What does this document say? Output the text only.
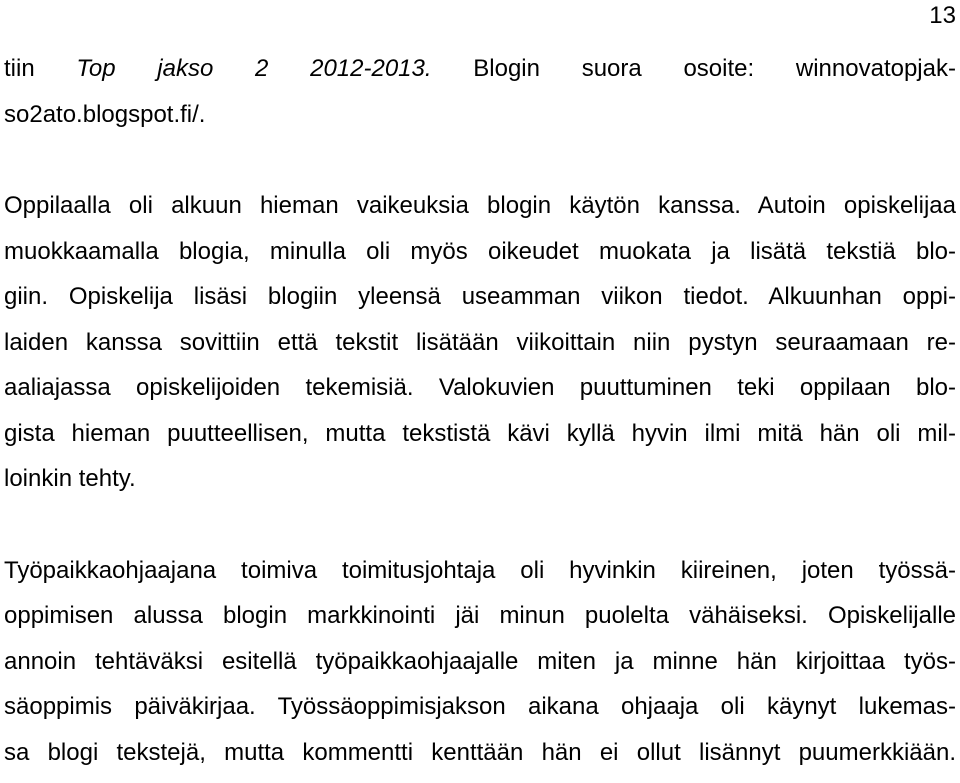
13
tiin Top jakso 2 2012-2013. Blogin suora osoite: winnovatopjak-
so2ato.blogspot.fi/.
Oppilaalla oli alkuun hieman vaikeuksia blogin käytön kanssa. Autoin opiskelijaa
muokkaamalla blogia, minulla oli myös oikeudet muokata ja lisätä tekstiä blo-
giin. Opiskelija lisäsi blogiin yleensä useamman viikon tiedot. Alkuunhan oppi-
laiden kanssa sovittiin että tekstit lisätään viikoittain niin pystyn seuraamaan re-
aaliajassa opiskelijoiden tekemisiä. Valokuvien puuttuminen teki oppilaan blo-
gista hieman puutteellisen, mutta tekstistä kävi kyllä hyvin ilmi mitä hän oli mil-
loinkin tehty.
Työpaikkaohjaajana toimiva toimitusjohtaja oli hyvinkin kiireinen, joten työssä-
oppimisen alussa blogin markkinointi jäi minun puolelta vähäiseksi. Opiskelijalle
annoin tehtäväksi esitellä työpaikkaohjaajalle miten ja minne hän kirjoittaa työs-
säoppimis päiväkirjaa. Työssäoppimisjakson aikana ohjaaja oli käynyt lukemas-
sa blogi tekstejä, mutta kommentti kenttään hän ei ollut lisännyt puumerkkiään.
